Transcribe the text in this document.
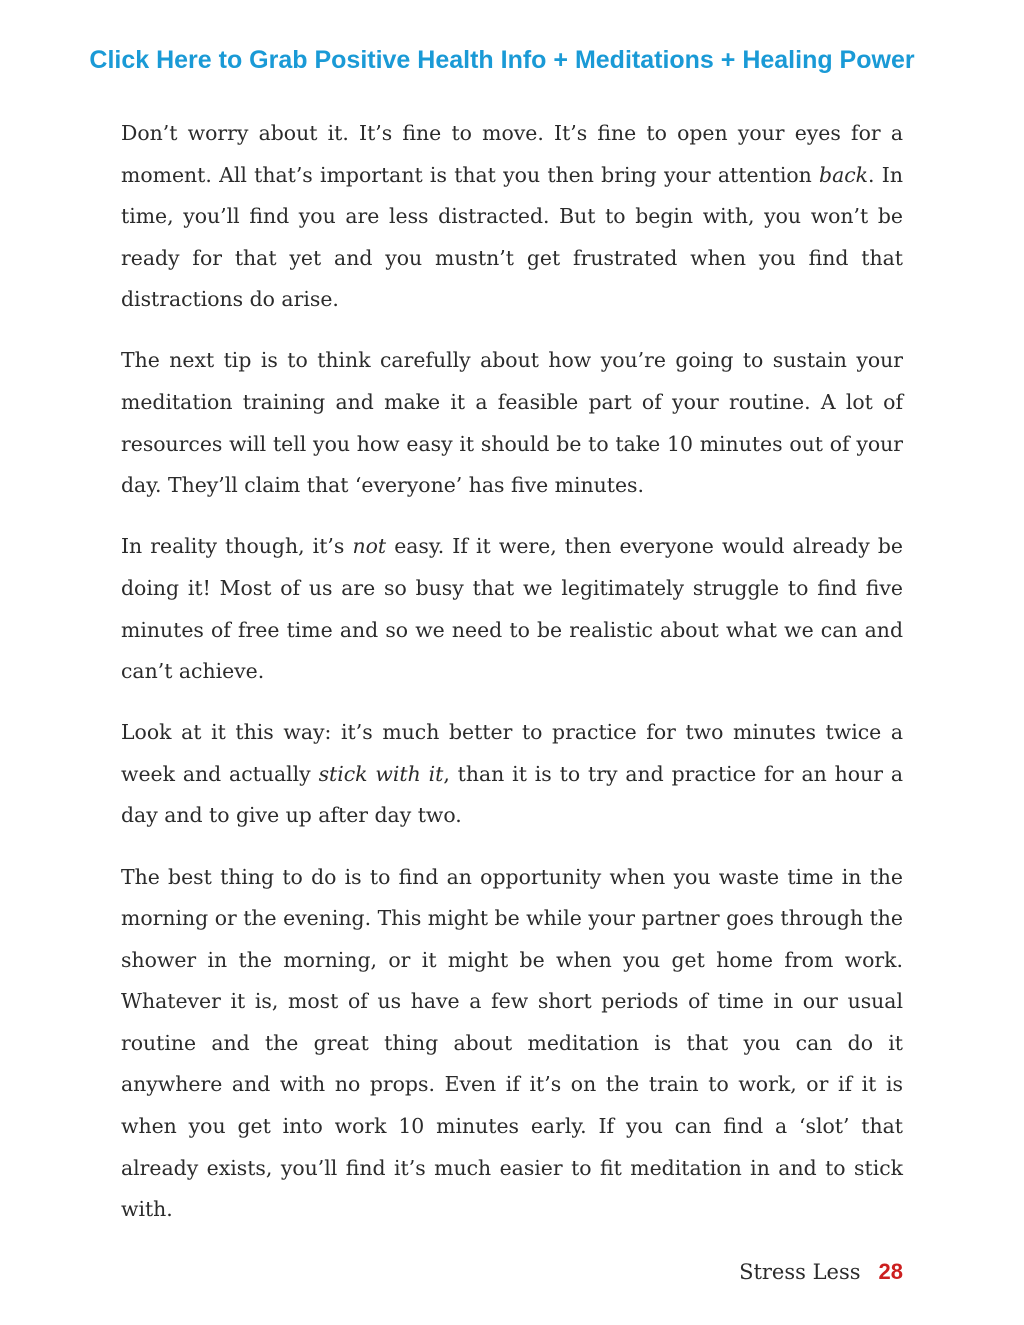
Click Here to Grab Positive Health Info + Meditations + Healing Power

Don’t worry about it. It’s fine to move. It’s fine to open your eyes for a moment. All that’s important is that you then bring your attention back. In time, you’ll find you are less distracted. But to begin with, you won’t be ready for that yet and you mustn’t get frustrated when you find that distractions do arise.

The next tip is to think carefully about how you’re going to sustain your meditation training and make it a feasible part of your routine. A lot of resources will tell you how easy it should be to take 10 minutes out of your day. They’ll claim that ‘everyone’ has five minutes.

In reality though, it’s not easy. If it were, then everyone would already be doing it! Most of us are so busy that we legitimately struggle to find five minutes of free time and so we need to be realistic about what we can and can’t achieve.

Look at it this way: it’s much better to practice for two minutes twice a week and actually stick with it, than it is to try and practice for an hour a day and to give up after day two.

The best thing to do is to find an opportunity when you waste time in the morning or the evening. This might be while your partner goes through the shower in the morning, or it might be when you get home from work. Whatever it is, most of us have a few short periods of time in our usual routine and the great thing about meditation is that you can do it anywhere and with no props. Even if it’s on the train to work, or if it is when you get into work 10 minutes early. If you can find a ‘slot’ that already exists, you’ll find it’s much easier to fit meditation in and to stick with.

Stress Less 28
